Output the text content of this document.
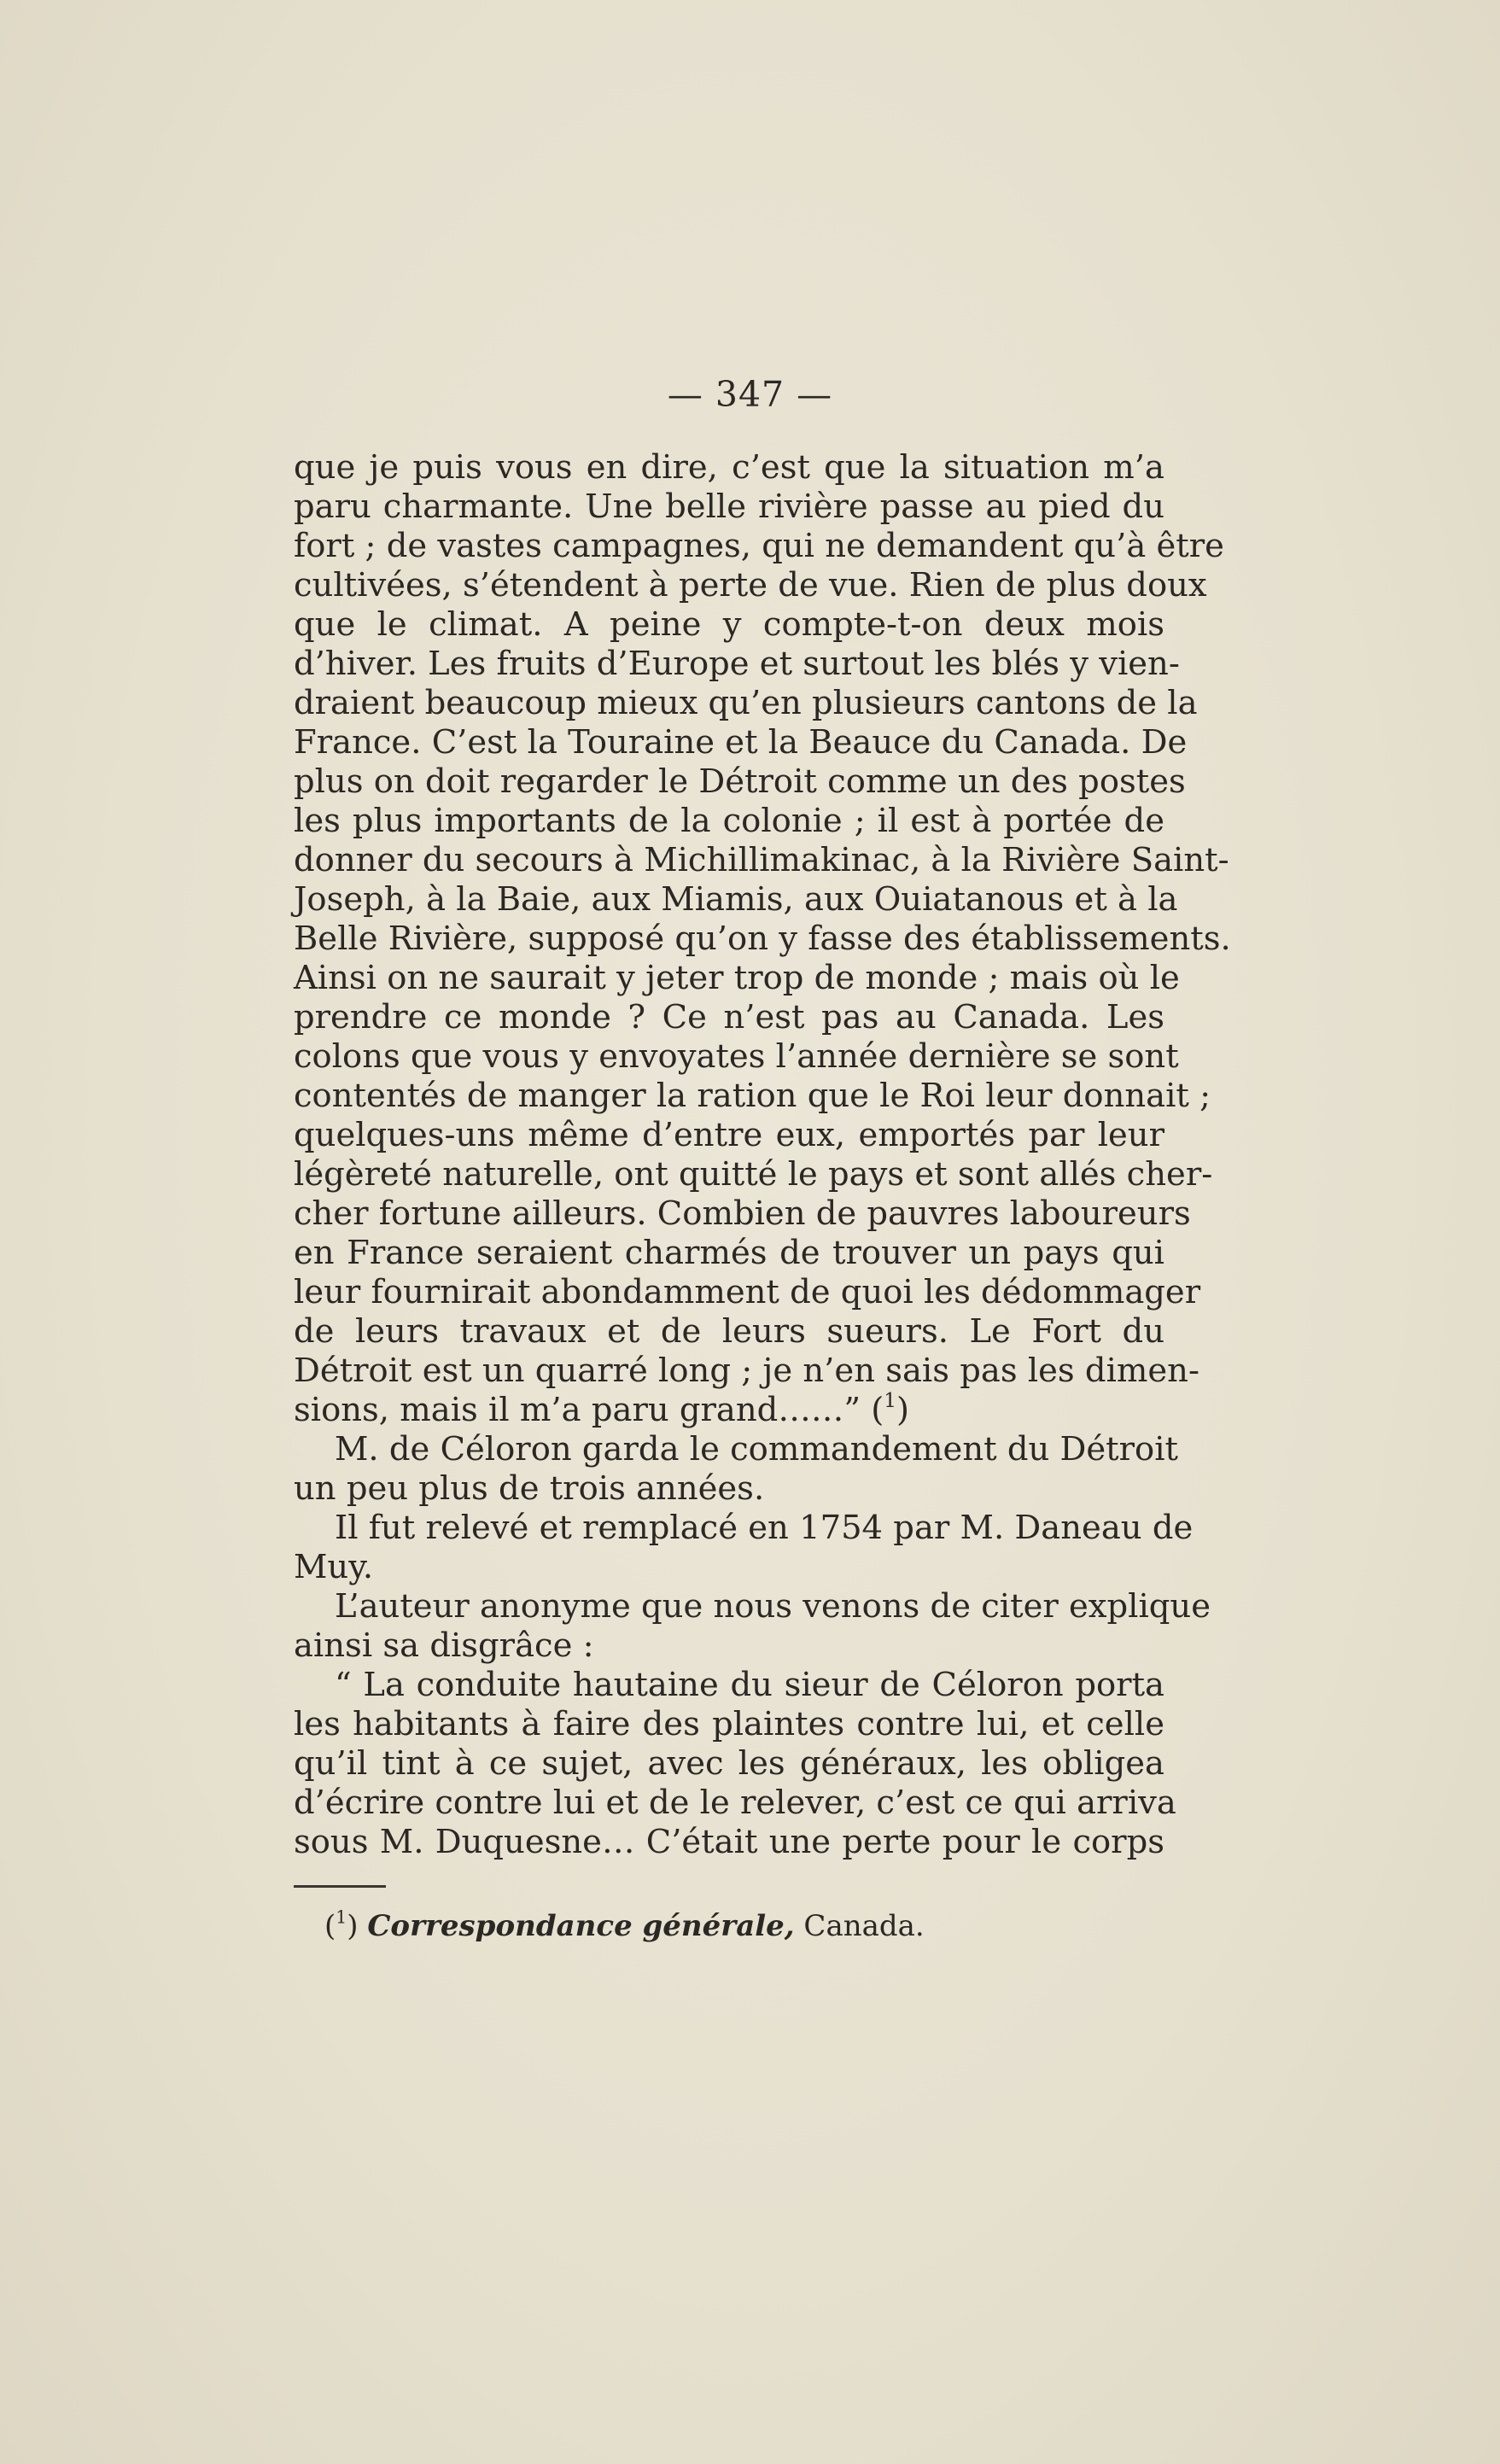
— 347 —
que je puis vous en dire, c’est que la situation m’a
paru charmante. Une belle rivière passe au pied du
fort ; de vastes campagnes, qui ne demandent qu’à être
cultivées, s’étendent à perte de vue. Rien de plus doux
que le climat. A peine y compte-t-on deux mois
d’hiver. Les fruits d’Europe et surtout les blés y vien-
draient beaucoup mieux qu’en plusieurs cantons de la
France. C’est la Touraine et la Beauce du Canada. De
plus on doit regarder le Détroit comme un des postes
les plus importants de la colonie ; il est à portée de
donner du secours à Michillimakinac, à la Rivière Saint-
Joseph, à la Baie, aux Miamis, aux Ouiatanous et à la
Belle Rivière, supposé qu’on y fasse des établissements.
Ainsi on ne saurait y jeter trop de monde ; mais où le
prendre ce monde ? Ce n’est pas au Canada. Les
colons que vous y envoyates l’année dernière se sont
contentés de manger la ration que le Roi leur donnait ;
quelques-uns même d’entre eux, emportés par leur
légèreté naturelle, ont quitté le pays et sont allés cher-
cher fortune ailleurs. Combien de pauvres laboureurs
en France seraient charmés de trouver un pays qui
leur fournirait abondamment de quoi les dédommager
de leurs travaux et de leurs sueurs. Le Fort du
Détroit est un quarré long ; je n’en sais pas les dimen-
sions, mais il m’a paru grand……” ($^1$)
M. de Céloron garda le commandement du Détroit
un peu plus de trois années.
Il fut relevé et remplacé en 1754 par M. Daneau de
Muy.
L’auteur anonyme que nous venons de citer explique
ainsi sa disgrâce :
“ La conduite hautaine du sieur de Céloron porta
les habitants à faire des plaintes contre lui, et celle
qu’il tint à ce sujet, avec les généraux, les obligea
d’écrire contre lui et de le relever, c’est ce qui arriva
sous M. Duquesne… C’était une perte pour le corps
($^1$) Correspondance générale, Canada.
